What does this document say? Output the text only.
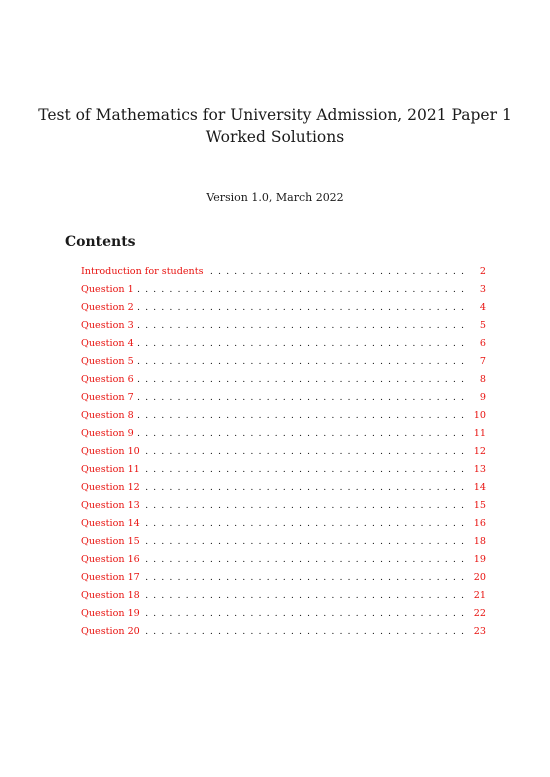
Test of Mathematics for University Admission, 2021 Paper 1
Worked Solutions
Version 1.0, March 2022
Contents
Introduction for students . . .	2
Question 1 . . .	3
Question 2 . . .	4
Question 3 . . .	5
Question 4 . . .	6
Question 5 . . .	7
Question 6 . . .	8
Question 7 . . .	9
Question 8 . . .	10
Question 9 . . .	11
Question 10 . . .	12
Question 11 . . .	13
Question 12 . . .	14
Question 13 . . .	15
Question 14 . . .	16
Question 15 . . .	18
Question 16 . . .	19
Question 17 . . .	20
Question 18 . . .	21
Question 19 . . .	22
Question 20 . . .	23
